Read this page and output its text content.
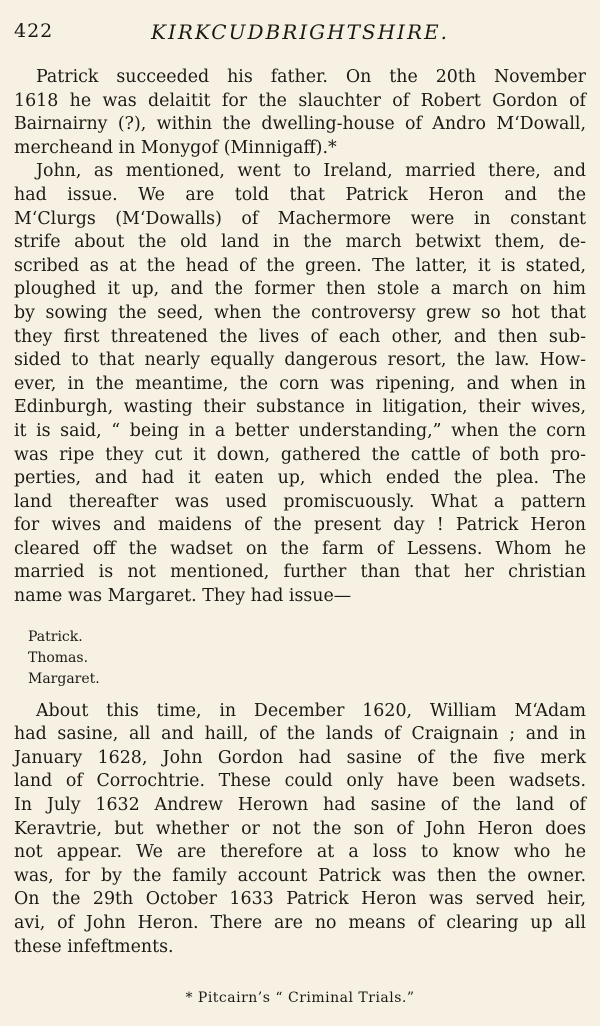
422	KIRKCUDBRIGHTSHIRE.
Patrick succeeded his father. On the 20th November
1618 he was delaitit for the slauchter of Robert Gordon of
Bairnairny (?), within the dwelling-house of Andro M‘Dowall,
mercheand in Monygof (Minnigaff).*
John, as mentioned, went to Ireland, married there, and
had issue. We are told that Patrick Heron and the
M‘Clurgs (M‘Dowalls) of Machermore were in constant
strife about the old land in the march betwixt them, de-
scribed as at the head of the green. The latter, it is stated,
ploughed it up, and the former then stole a march on him
by sowing the seed, when the controversy grew so hot that
they first threatened the lives of each other, and then sub-
sided to that nearly equally dangerous resort, the law. How-
ever, in the meantime, the corn was ripening, and when in
Edinburgh, wasting their substance in litigation, their wives,
it is said, “ being in a better understanding,” when the corn
was ripe they cut it down, gathered the cattle of both pro-
perties, and had it eaten up, which ended the plea. The
land thereafter was used promiscuously. What a pattern
for wives and maidens of the present day ! Patrick Heron
cleared off the wadset on the farm of Lessens. Whom he
married is not mentioned, further than that her christian
name was Margaret. They had issue—
Patrick.
Thomas.
Margaret.
About this time, in December 1620, William M‘Adam
had sasine, all and haill, of the lands of Craignain ; and in
January 1628, John Gordon had sasine of the five merk
land of Corrochtrie. These could only have been wadsets.
In July 1632 Andrew Herown had sasine of the land of
Keravtrie, but whether or not the son of John Heron does
not appear. We are therefore at a loss to know who he
was, for by the family account Patrick was then the owner.
On the 29th October 1633 Patrick Heron was served heir,
avi, of John Heron. There are no means of clearing up all
these infeftments.
* Pitcairn’s “ Criminal Trials.”
